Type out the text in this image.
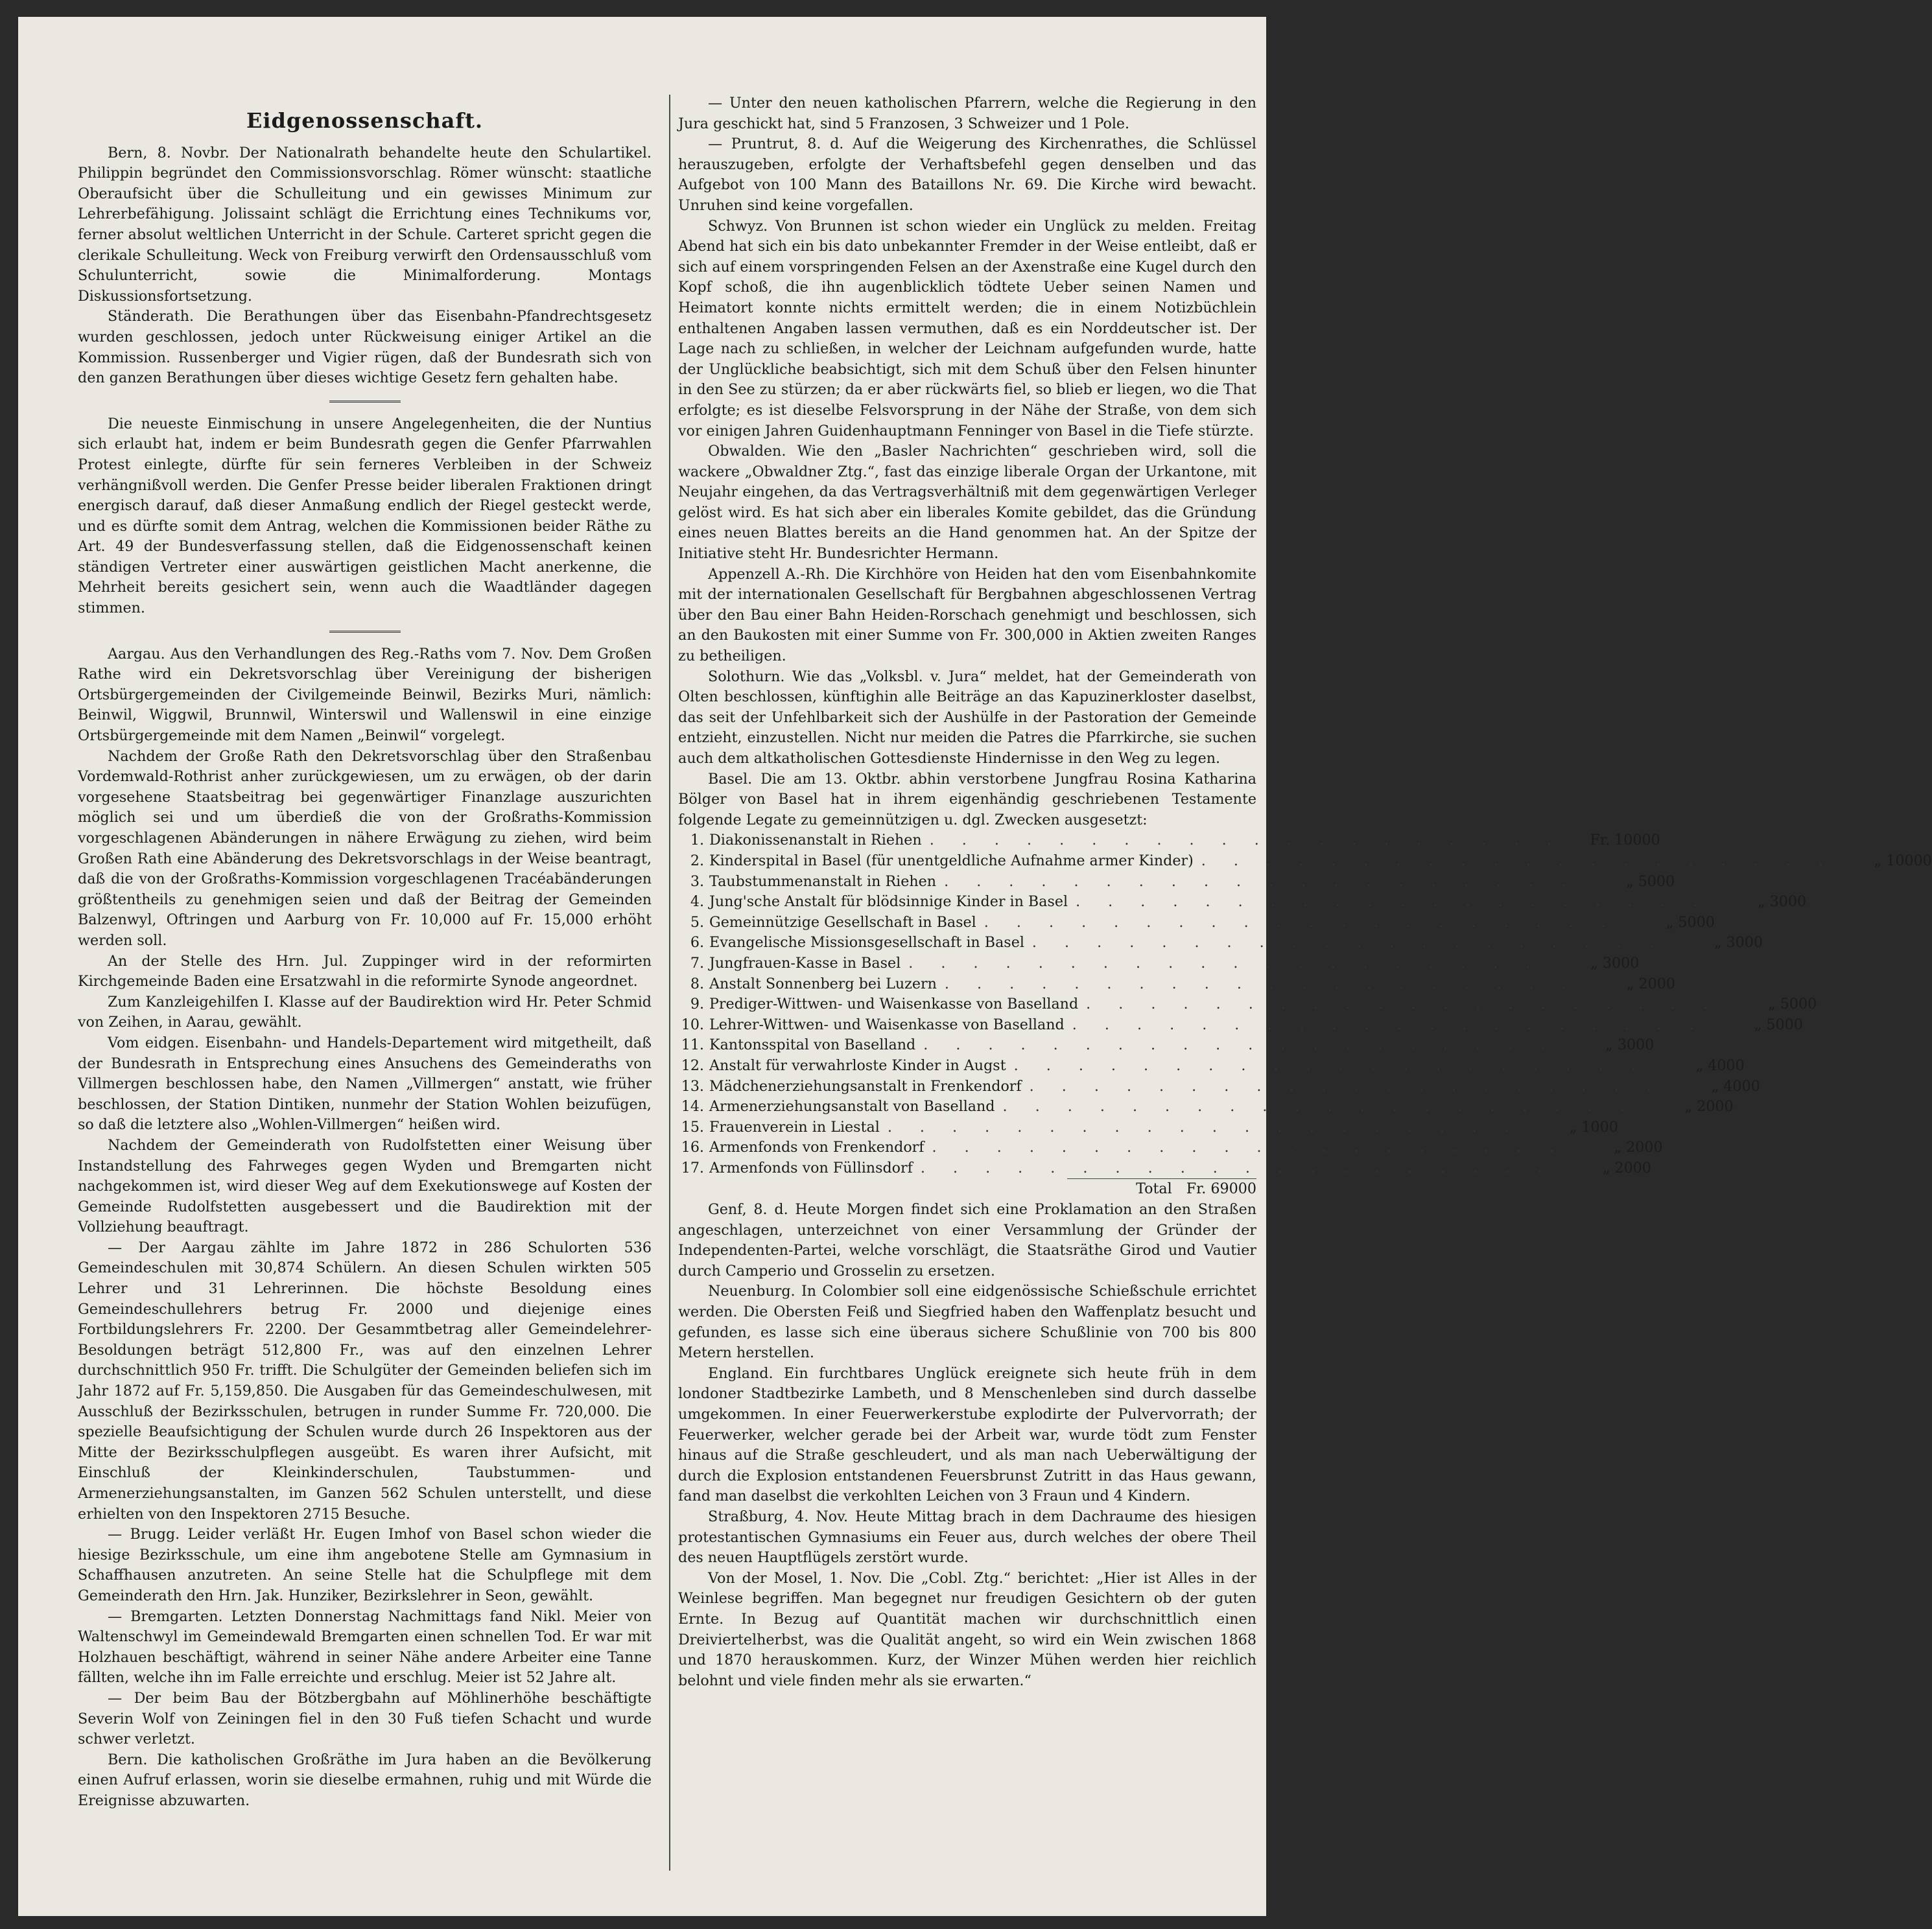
Eidgenossenschaft.

Bern, 8. Novbr. Der Nationalrath behandelte heute den Schulartikel. Philippin begründet den Commissionsvorschlag. Römer wünscht: staatliche Oberaufsicht über die Schulleitung und ein gewisses Minimum zur Lehrerbefähigung. Jolissaint schlägt die Errichtung eines Technikums vor, ferner absolut weltlichen Unterricht in der Schule. Carteret spricht gegen die clerikale Schulleitung. Weck von Freiburg verwirft den Ordensausschluß vom Schulunterricht, sowie die Minimalforderung. Montags Diskussionsfortsetzung.

Ständerath. Die Berathungen über das Eisenbahn-Pfandrechtsgesetz wurden geschlossen, jedoch unter Rückweisung einiger Artikel an die Kommission. Russenberger und Vigier rügen, daß der Bundesrath sich von den ganzen Berathungen über dieses wichtige Gesetz fern gehalten habe.

Die neueste Einmischung in unsere Angelegenheiten, die der Nuntius sich erlaubt hat, indem er beim Bundesrath gegen die Genfer Pfarrwahlen Protest einlegte, dürfte für sein ferneres Verbleiben in der Schweiz verhängnißvoll werden. Die Genfer Presse beider liberalen Fraktionen dringt energisch darauf, daß dieser Anmaßung endlich der Riegel gesteckt werde, und es dürfte somit dem Antrag, welchen die Kommissionen beider Räthe zu Art. 49 der Bundesverfassung stellen, daß die Eidgenossenschaft keinen ständigen Vertreter einer auswärtigen geistlichen Macht anerkenne, die Mehrheit bereits gesichert sein, wenn auch die Waadtländer dagegen stimmen.

Aargau. Aus den Verhandlungen des Reg.-Raths vom 7. Nov. Dem Großen Rathe wird ein Dekretsvorschlag über Vereinigung der bisherigen Ortsbürgergemeinden der Civilgemeinde Beinwil, Bezirks Muri, nämlich: Beinwil, Wiggwil, Brunnwil, Winterswil und Wallenswil in eine einzige Ortsbürgergemeinde mit dem Namen „Beinwil“ vorgelegt.

Nachdem der Große Rath den Dekretsvorschlag über den Straßenbau Vordemwald-Rothrist anher zurückgewiesen, um zu erwägen, ob der darin vorgesehene Staatsbeitrag bei gegenwärtiger Finanzlage auszurichten möglich sei und um überdieß die von der Großraths-Kommission vorgeschlagenen Abänderungen in nähere Erwägung zu ziehen, wird beim Großen Rath eine Abänderung des Dekretsvorschlags in der Weise beantragt, daß die von der Großraths-Kommission vorgeschlagenen Tracéabänderungen größtentheils zu genehmigen seien und daß der Beitrag der Gemeinden Balzenwyl, Oftringen und Aarburg von Fr. 10,000 auf Fr. 15,000 erhöht werden soll.

An der Stelle des Hrn. Jul. Zuppinger wird in der reformirten Kirchgemeinde Baden eine Ersatzwahl in die reformirte Synode angeordnet.

Zum Kanzleigehilfen I. Klasse auf der Baudirektion wird Hr. Peter Schmid von Zeihen, in Aarau, gewählt.

Vom eidgen. Eisenbahn- und Handels-Departement wird mitgetheilt, daß der Bundesrath in Entsprechung eines Ansuchens des Gemeinderaths von Villmergen beschlossen habe, den Namen „Villmergen“ anstatt, wie früher beschlossen, der Station Dintiken, nunmehr der Station Wohlen beizufügen, so daß die letztere also „Wohlen-Villmergen“ heißen wird.

Nachdem der Gemeinderath von Rudolfstetten einer Weisung über Instandstellung des Fahrweges gegen Wyden und Bremgarten nicht nachgekommen ist, wird dieser Weg auf dem Exekutionswege auf Kosten der Gemeinde Rudolfstetten ausgebessert und die Baudirektion mit der Vollziehung beauftragt.

— Der Aargau zählte im Jahre 1872 in 286 Schulorten 536 Gemeindeschulen mit 30,874 Schülern. An diesen Schulen wirkten 505 Lehrer und 31 Lehrerinnen. Die höchste Besoldung eines Gemeindeschullehrers betrug Fr. 2000 und diejenige eines Fortbildungslehrers Fr. 2200. Der Gesammtbetrag aller Gemeindelehrer-Besoldungen beträgt 512,800 Fr., was auf den einzelnen Lehrer durchschnittlich 950 Fr. trifft. Die Schulgüter der Gemeinden beliefen sich im Jahr 1872 auf Fr. 5,159,850. Die Ausgaben für das Gemeindeschulwesen, mit Ausschluß der Bezirksschulen, betrugen in runder Summe Fr. 720,000. Die spezielle Beaufsichtigung der Schulen wurde durch 26 Inspektoren aus der Mitte der Bezirksschulpflegen ausgeübt. Es waren ihrer Aufsicht, mit Einschluß der Kleinkinderschulen, Taubstummen- und Armenerziehungsanstalten, im Ganzen 562 Schulen unterstellt, und diese erhielten von den Inspektoren 2715 Besuche.

— Brugg. Leider verläßt Hr. Eugen Imhof von Basel schon wieder die hiesige Bezirksschule, um eine ihm angebotene Stelle am Gymnasium in Schaffhausen anzutreten. An seine Stelle hat die Schulpflege mit dem Gemeinderath den Hrn. Jak. Hunziker, Bezirkslehrer in Seon, gewählt.

— Bremgarten. Letzten Donnerstag Nachmittags fand Nikl. Meier von Waltenschwyl im Gemeindewald Bremgarten einen schnellen Tod. Er war mit Holzhauen beschäftigt, während in seiner Nähe andere Arbeiter eine Tanne fällten, welche ihn im Falle erreichte und erschlug. Meier ist 52 Jahre alt.

— Der beim Bau der Bötzbergbahn auf Möhlinerhöhe beschäftigte Severin Wolf von Zeiningen fiel in den 30 Fuß tiefen Schacht und wurde schwer verletzt.

Bern. Die katholischen Großräthe im Jura haben an die Bevölkerung einen Aufruf erlassen, worin sie dieselbe ermahnen, ruhig und mit Würde die Ereignisse abzuwarten.

— Unter den neuen katholischen Pfarrern, welche die Regierung in den Jura geschickt hat, sind 5 Franzosen, 3 Schweizer und 1 Pole.

— Pruntrut, 8. d. Auf die Weigerung des Kirchenrathes, die Schlüssel herauszugeben, erfolgte der Verhaftsbefehl gegen denselben und das Aufgebot von 100 Mann des Bataillons Nr. 69. Die Kirche wird bewacht. Unruhen sind keine vorgefallen.

Schwyz. Von Brunnen ist schon wieder ein Unglück zu melden. Freitag Abend hat sich ein bis dato unbekannter Fremder in der Weise entleibt, daß er sich auf einem vorspringenden Felsen an der Axenstraße eine Kugel durch den Kopf schoß, die ihn augenblicklich tödtete Ueber seinen Namen und Heimatort konnte nichts ermittelt werden; die in einem Notizbüchlein enthaltenen Angaben lassen vermuthen, daß es ein Norddeutscher ist. Der Lage nach zu schließen, in welcher der Leichnam aufgefunden wurde, hatte der Unglückliche beabsichtigt, sich mit dem Schuß über den Felsen hinunter in den See zu stürzen; da er aber rückwärts fiel, so blieb er liegen, wo die That erfolgte; es ist dieselbe Felsvorsprung in der Nähe der Straße, von dem sich vor einigen Jahren Guidenhauptmann Fenninger von Basel in die Tiefe stürzte.

Obwalden. Wie den „Basler Nachrichten“ geschrieben wird, soll die wackere „Obwaldner Ztg.“, fast das einzige liberale Organ der Urkantone, mit Neujahr eingehen, da das Vertragsverhältniß mit dem gegenwärtigen Verleger gelöst wird. Es hat sich aber ein liberales Komite gebildet, das die Gründung eines neuen Blattes bereits an die Hand genommen hat. An der Spitze der Initiative steht Hr. Bundesrichter Hermann.

Appenzell A.-Rh. Die Kirchhöre von Heiden hat den vom Eisenbahnkomite mit der internationalen Gesellschaft für Bergbahnen abgeschlossenen Vertrag über den Bau einer Bahn Heiden-Rorschach genehmigt und beschlossen, sich an den Baukosten mit einer Summe von Fr. 300,000 in Aktien zweiten Ranges zu betheiligen.

Solothurn. Wie das „Volksbl. v. Jura“ meldet, hat der Gemeinderath von Olten beschlossen, künftighin alle Beiträge an das Kapuzinerkloster daselbst, das seit der Unfehlbarkeit sich der Aushülfe in der Pastoration der Gemeinde entzieht, einzustellen. Nicht nur meiden die Patres die Pfarrkirche, sie suchen auch dem altkatholischen Gottesdienste Hindernisse in den Weg zu legen.

Basel. Die am 13. Oktbr. abhin verstorbene Jungfrau Rosina Katharina Bölger von Basel hat in ihrem eigenhändig geschriebenen Testamente folgende Legate zu gemeinnützigen u. dgl. Zwecken ausgesetzt:

1. Diakonissenanstalt in Riehen . . . . . . . . . . . . . . . . . . . .	Fr. 10000
2. Kinderspital in Basel (für unentgeldliche Aufnahme armer Kinder) . . . . . . . . . . . . . . . . . . . .	„ 10000
3. Taubstummenanstalt in Riehen . . . . . . . . . . . . . . . . . . . .	„ 5000
4. Jung'sche Anstalt für blödsinnige Kinder in Basel . . . . . . . . . . . . . . . . . . . .	„ 3000
5. Gemeinnützige Gesellschaft in Basel . . . . . . . . . . . . . . . . . . . .	„ 5000
6. Evangelische Missionsgesellschaft in Basel . . . . . . . . . . . . . . . . . . . .	„ 3000
7. Jungfrauen-Kasse in Basel . . . . . . . . . . . . . . . . . . . .	„ 3000
8. Anstalt Sonnenberg bei Luzern . . . . . . . . . . . . . . . . . . . .	„ 2000
9. Prediger-Wittwen- und Waisenkasse von Baselland . . . . . . . . . . . . . . . . . . . .	„ 5000
10. Lehrer-Wittwen- und Waisenkasse von Baselland . . . . . . . . . . . . . . . . . . . .	„ 5000
11. Kantonsspital von Baselland . . . . . . . . . . . . . . . . . . . .	„ 3000
12. Anstalt für verwahrloste Kinder in Augst . . . . . . . . . . . . . . . . . . . .	„ 4000
13. Mädchenerziehungsanstalt in Frenkendorf . . . . . . . . . . . . . . . . . . . .	„ 4000
14. Armenerziehungsanstalt von Baselland . . . . . . . . . . . . . . . . . . . .	„ 2000
15. Frauenverein in Liestal . . . . . . . . . . . . . . . . . . . .	„ 1000
16. Armenfonds von Frenkendorf . . . . . . . . . . . . . . . . . . . .	„ 2000
17. Armenfonds von Füllinsdorf . . . . . . . . . . . . . . . . . . . .	„ 2000
Total Fr. 69000

Genf, 8. d. Heute Morgen findet sich eine Proklamation an den Straßen angeschlagen, unterzeichnet von einer Versammlung der Gründer der Independenten-Partei, welche vorschlägt, die Staatsräthe Girod und Vautier durch Camperio und Grosselin zu ersetzen.

Neuenburg. In Colombier soll eine eidgenössische Schießschule errichtet werden. Die Obersten Feiß und Siegfried haben den Waffenplatz besucht und gefunden, es lasse sich eine überaus sichere Schußlinie von 700 bis 800 Metern herstellen.

England. Ein furchtbares Unglück ereignete sich heute früh in dem londoner Stadtbezirke Lambeth, und 8 Menschenleben sind durch dasselbe umgekommen. In einer Feuerwerkerstube explodirte der Pulvervorrath; der Feuerwerker, welcher gerade bei der Arbeit war, wurde tödt zum Fenster hinaus auf die Straße geschleudert, und als man nach Ueberwältigung der durch die Explosion entstandenen Feuersbrunst Zutritt in das Haus gewann, fand man daselbst die verkohlten Leichen von 3 Fraun und 4 Kindern.

Straßburg, 4. Nov. Heute Mittag brach in dem Dachraume des hiesigen protestantischen Gymnasiums ein Feuer aus, durch welches der obere Theil des neuen Hauptflügels zerstört wurde.

Von der Mosel, 1. Nov. Die „Cobl. Ztg.“ berichtet: „Hier ist Alles in der Weinlese begriffen. Man begegnet nur freudigen Gesichtern ob der guten Ernte. In Bezug auf Quantität machen wir durchschnittlich einen Dreiviertelherbst, was die Qualität angeht, so wird ein Wein zwischen 1868 und 1870 herauskommen. Kurz, der Winzer Mühen werden hier reichlich belohnt und viele finden mehr als sie erwarten.“
